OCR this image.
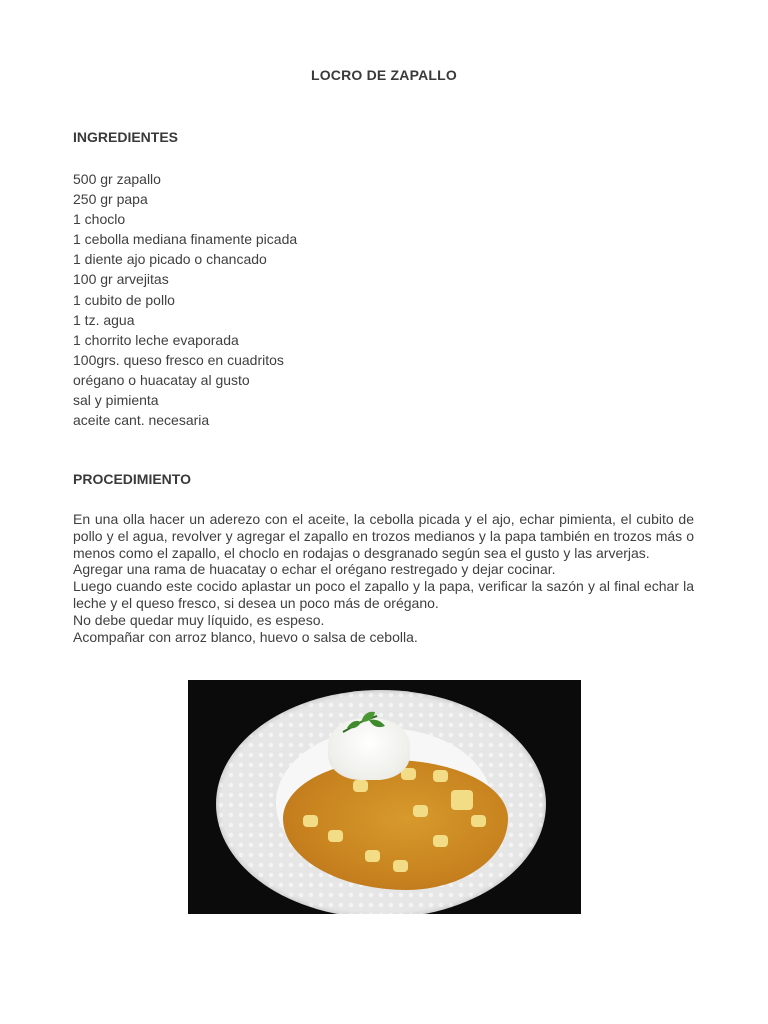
LOCRO DE ZAPALLO
INGREDIENTES
500 gr zapallo
250 gr papa
1 choclo
1 cebolla mediana finamente picada
1 diente ajo picado o chancado
100 gr arvejitas
1 cubito de pollo
1 tz. agua
1 chorrito leche evaporada
100grs. queso fresco en cuadritos
orégano o huacatay al gusto
sal y pimienta
aceite cant. necesaria
PROCEDIMIENTO

En una olla hacer un aderezo con el aceite, la cebolla picada y el ajo, echar pimienta, el cubito de pollo y el agua, revolver y agregar el zapallo en trozos medianos y la papa también en trozos más o menos como el zapallo, el choclo en rodajas o desgranado según sea el gusto y las arverjas.

Agregar una rama de huacatay o echar el orégano restregado y dejar cocinar.

Luego cuando este cocido aplastar un poco el zapallo y la papa, verificar la sazón y al final echar la leche y el queso fresco, si desea un poco más de orégano.

No debe quedar muy líquido, es espeso.

Acompañar con arroz blanco, huevo o salsa de cebolla.
